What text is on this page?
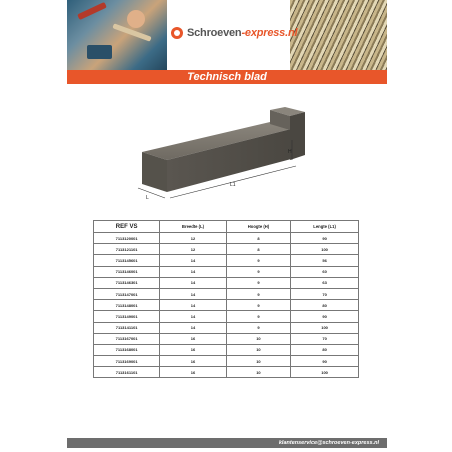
Schroeven-express.nl
Technisch blad
H
L1
L
REF VS	Breedte (L)	Hoogte (H)	Lengte (L1)
7113120001	12	8	90
7113121101	12	8	100
7113145601	14	9	56
7113146001	14	9	60
7113146301	14	9	63
7113147001	14	9	70
7113148001	14	9	80
7113149001	14	9	90
7113141101	14	9	100
7113167001	16	10	70
7113168001	16	10	80
7113169001	16	10	90
7113161101	16	10	100
klantenservice@schroeven-express.nl
